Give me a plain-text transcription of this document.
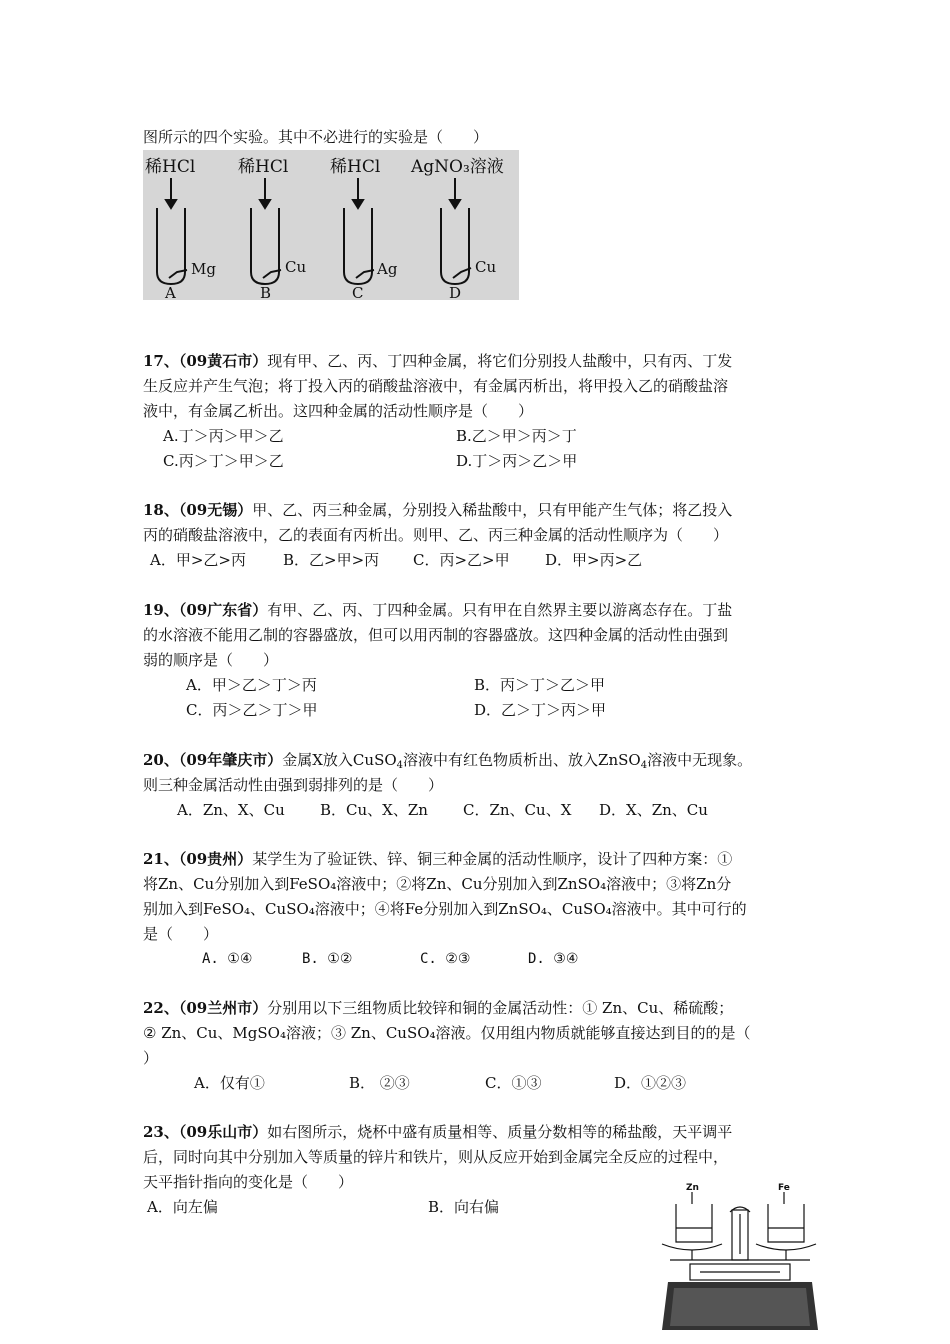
图所示的四个实验。其中不必进行的实验是（　　）
稀HCl	稀HCl 稀HCl AgNO₃溶液
Mg	Cu	Ag	Cu
A	B	C	D
17、（09黄石市）现有甲、乙、丙、丁四种金属，将它们分别投人盐酸中，只有丙、丁发
生反应并产生气泡；将丁投入丙的硝酸盐溶液中，有金属丙析出，将甲投入乙的硝酸盐溶
液中，有金属乙析出。这四种金属的活动性顺序是（　　）
A.丁＞丙＞甲＞乙	B.乙＞甲＞丙＞丁
C.丙＞丁＞甲＞乙	D.丁＞丙＞乙＞甲
18、（09无锡）甲、乙、丙三种金属，分别投入稀盐酸中，只有甲能产生气体；将乙投入
丙的硝酸盐溶液中，乙的表面有丙析出。则甲、乙、丙三种金属的活动性顺序为（　　）
A．甲>乙>丙 B．乙>甲>丙 C．丙>乙>甲 D．甲>丙>乙
19、（09广东省）有甲、乙、丙、丁四种金属。只有甲在自然界主要以游离态存在。丁盐
的水溶液不能用乙制的容器盛放，但可以用丙制的容器盛放。这四种金属的活动性由强到
弱的顺序是（　　）
A．甲＞乙＞丁＞丙	B．丙＞丁＞乙＞甲
C．丙＞乙＞丁＞甲	D．乙＞丁＞丙＞甲
20、（09年肇庆市）金属X放入CuSO$_4$溶液中有红色物质析出、放入ZnSO$_4$溶液中无现象。
则三种金属活动性由强到弱排列的是（　　）
A．Zn、X、Cu B．Cu、X、Zn C．Zn、Cu、X D．X、Zn、Cu
21、（09贵州）某学生为了验证铁、锌、铜三种金属的活动性顺序，设计了四种方案：①
将Zn、Cu分别加入到FeSO₄溶液中；②将Zn、Cu分别加入到ZnSO₄溶液中；③将Zn分
别加入到FeSO₄、CuSO₄溶液中；④将Fe分别加入到ZnSO₄、CuSO₄溶液中。其中可行的
是（　　）
A. ①④	B. ①②	C. ②③	D. ③④
22、（09兰州市）分别用以下三组物质比较锌和铜的金属活动性：① Zn、Cu、稀硫酸；
② Zn、Cu、MgSO₄溶液；③ Zn、CuSO₄溶液。仅用组内物质就能够直接达到目的的是（
）
A．仅有①	B． ②③	C．①③	D．①②③
23、（09乐山市）如右图所示，烧杯中盛有质量相等、质量分数相等的稀盐酸，天平调平
后，同时向其中分别加入等质量的锌片和铁片，则从反应开始到金属完全反应的过程中，
天平指针指向的变化是（　　）
A．向左偏	B．向右偏
Zn	Fe
